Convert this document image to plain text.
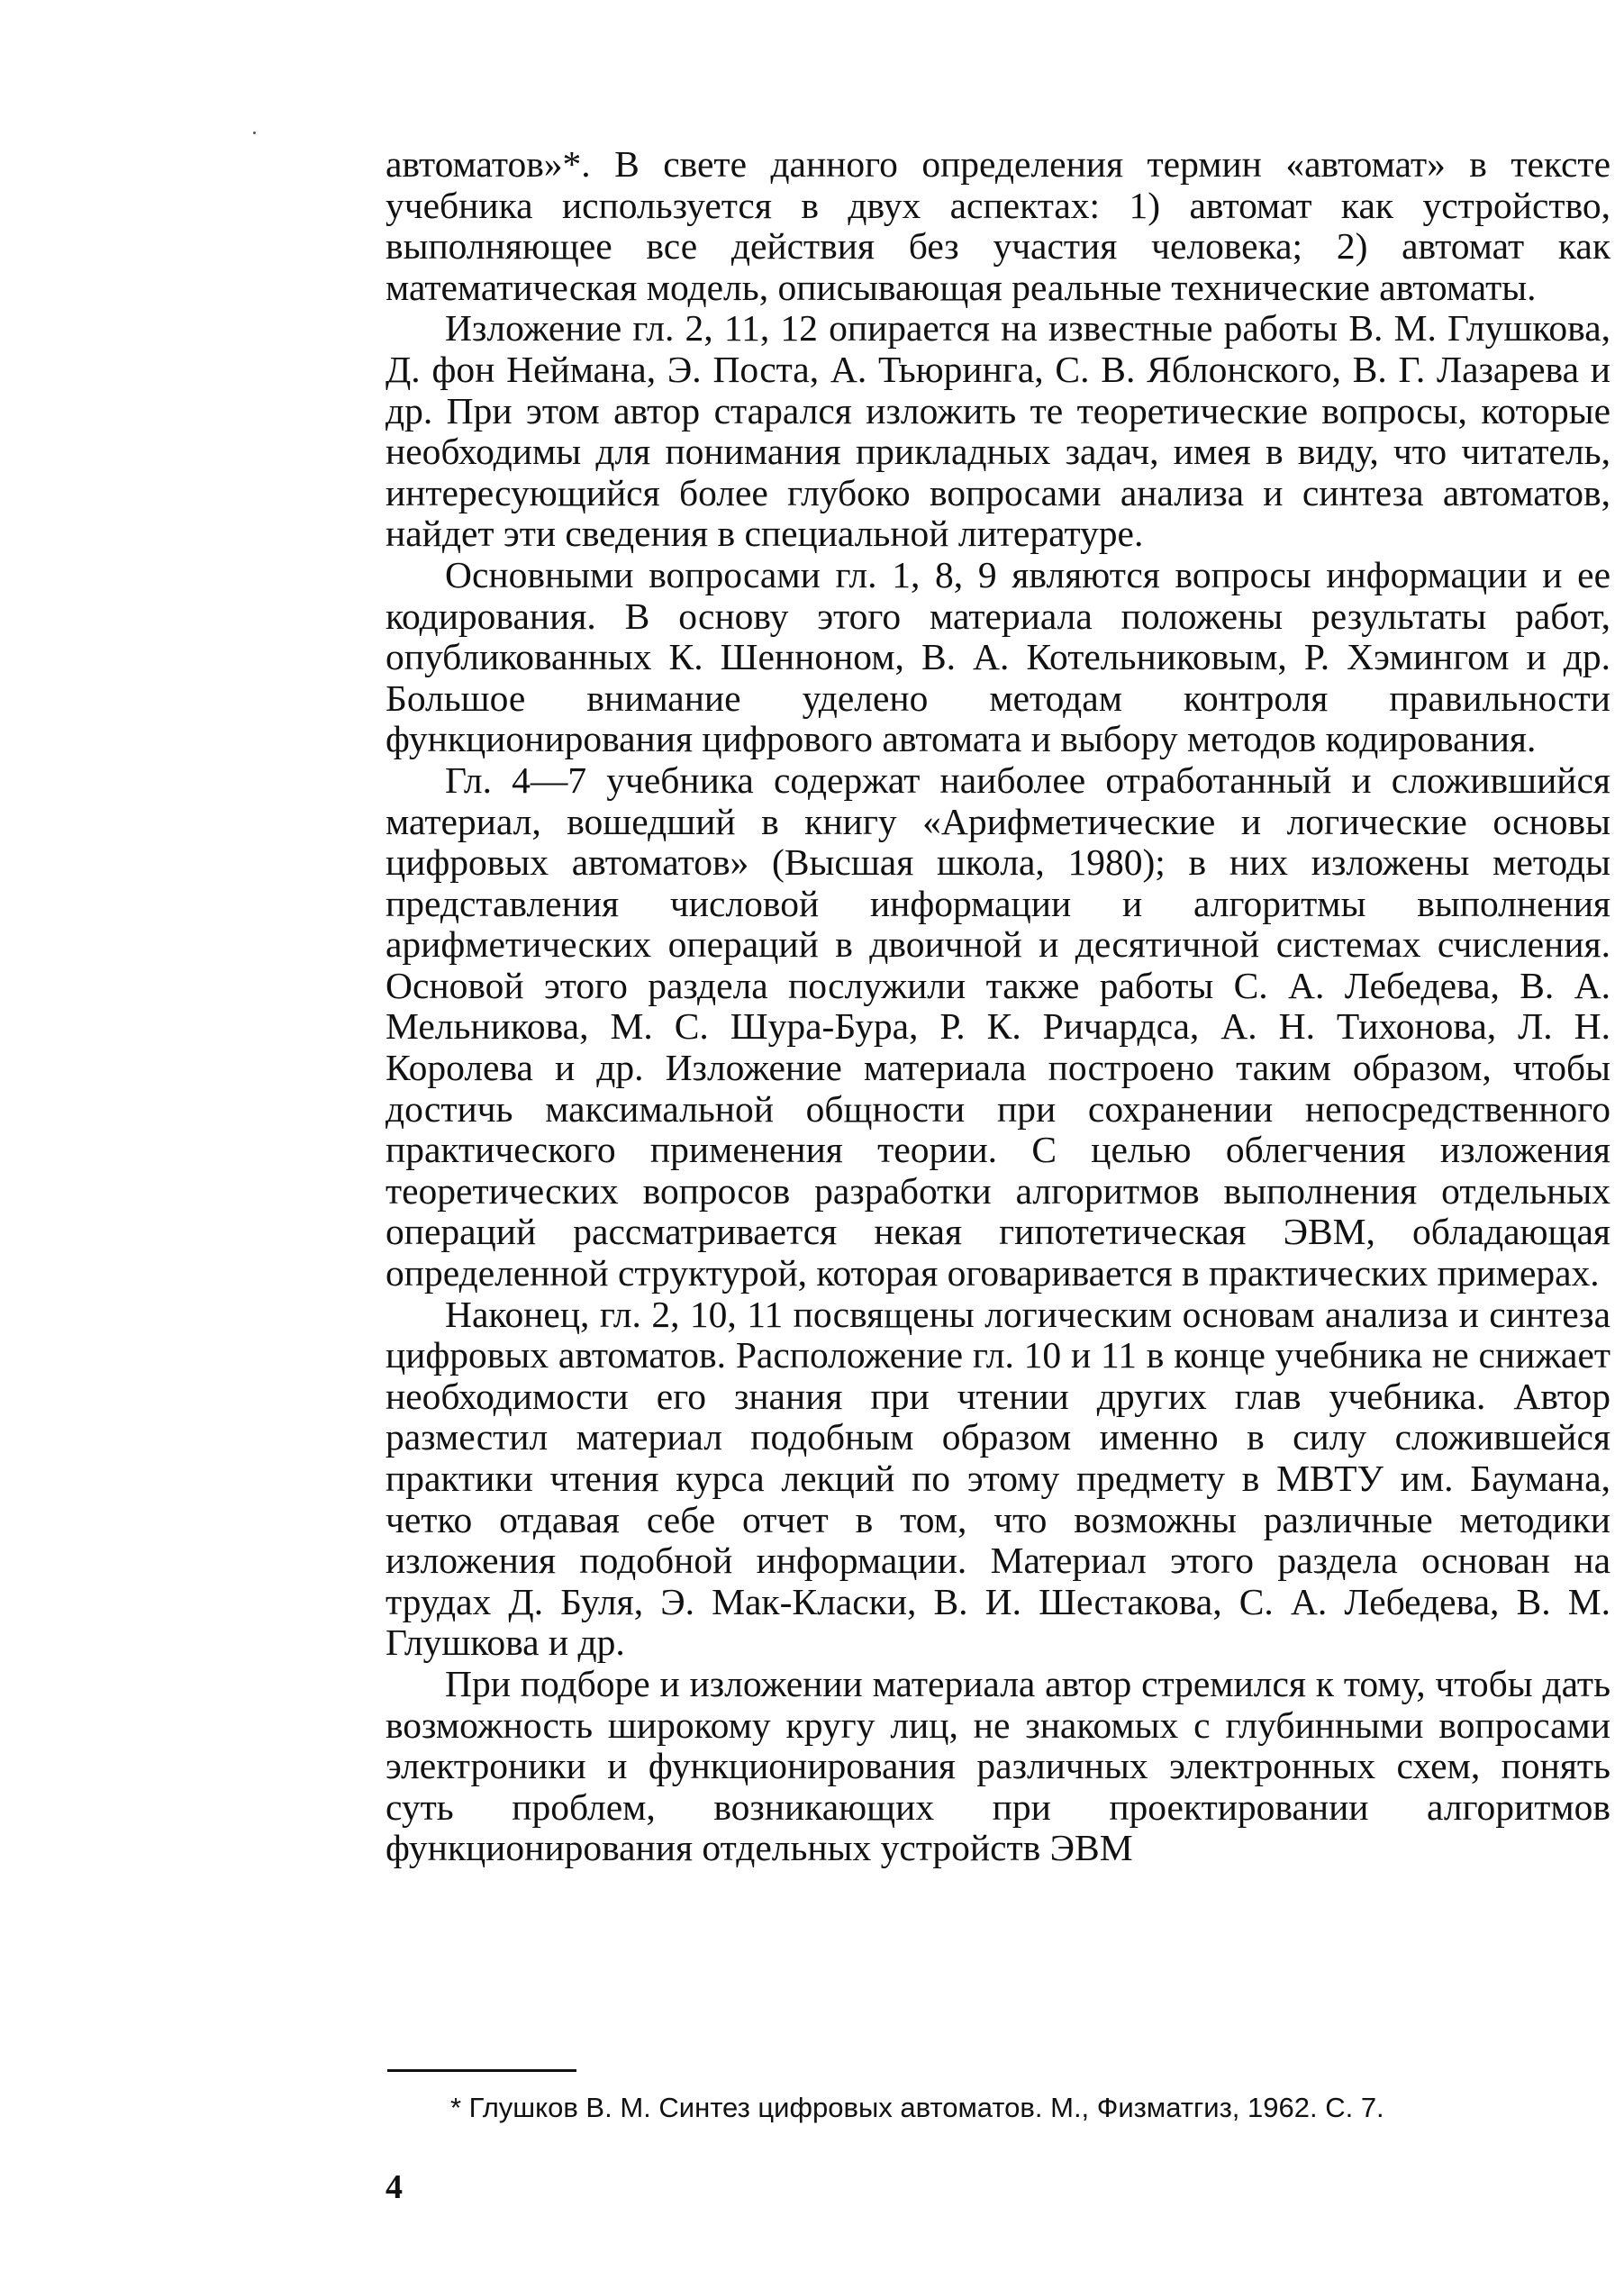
автоматов»*. В свете данного определения термин «автомат» в тексте учебника используется в двух аспектах: 1) автомат как устройство, выполняющее все действия без участия человека; 2) автомат как математическая модель, описывающая реальные технические автоматы.

Изложение гл. 2, 11, 12 опирается на известные работы В. М. Глушкова, Д. фон Неймана, Э. Поста, А. Тьюринга, С. В. Яблонского, В. Г. Лазарева и др. При этом автор старался изложить те теоретические вопросы, которые необходимы для понимания прикладных задач, имея в виду, что читатель, интересующийся более глубоко вопросами анализа и синтеза автоматов, найдет эти сведения в специальной литературе.

Основными вопросами гл. 1, 8, 9 являются вопросы информации и ее кодирования. В основу этого материала положены результаты работ, опубликованных К. Шенноном, В. А. Котельниковым, Р. Хэмингом и др. Большое внимание уделено методам контроля правильности функционирования цифрового автомата и выбору методов кодирования.

Гл. 4—7 учебника содержат наиболее отработанный и сложившийся материал, вошедший в книгу «Арифметические и логические основы цифровых автоматов» (Высшая школа, 1980); в них изложены методы представления числовой информации и алгоритмы выполнения арифметических операций в двоичной и десятичной системах счисления. Основой этого раздела послужили также работы С. А. Лебедева, В. А. Мельникова, М. С. Шура-Бура, Р. К. Ричардса, А. Н. Тихонова, Л. Н. Королева и др. Изложение материала построено таким образом, чтобы достичь максимальной общности при сохранении непосредственного практического применения теории. С целью облегчения изложения теоретических вопросов разработки алгоритмов выполнения отдельных операций рассматривается некая гипотетическая ЭВМ, обладающая определенной структурой, которая оговаривается в практических примерах.

Наконец, гл. 2, 10, 11 посвящены логическим основам анализа и синтеза цифровых автоматов. Расположение гл. 10 и 11 в конце учебника не снижает необходимости его знания при чтении других глав учебника. Автор разместил материал подобным образом именно в силу сложившейся практики чтения курса лекций по этому предмету в МВТУ им. Баумана, четко отдавая себе отчет в том, что возможны различные методики изложения подобной информации. Материал этого раздела основан на трудах Д. Буля, Э. Мак-Класки, В. И. Шестакова, С. А. Лебедева, В. М. Глушкова и др.

При подборе и изложении материала автор стремился к тому, чтобы дать возможность широкому кругу лиц, не знакомых с глубинными вопросами электроники и функционирования различных электронных схем, понять суть проблем, возникающих при проектировании алгоритмов функционирования отдельных устройств ЭВМ

* Глушков В. М. Синтез цифровых автоматов. М., Физматгиз, 1962. С. 7.
4
